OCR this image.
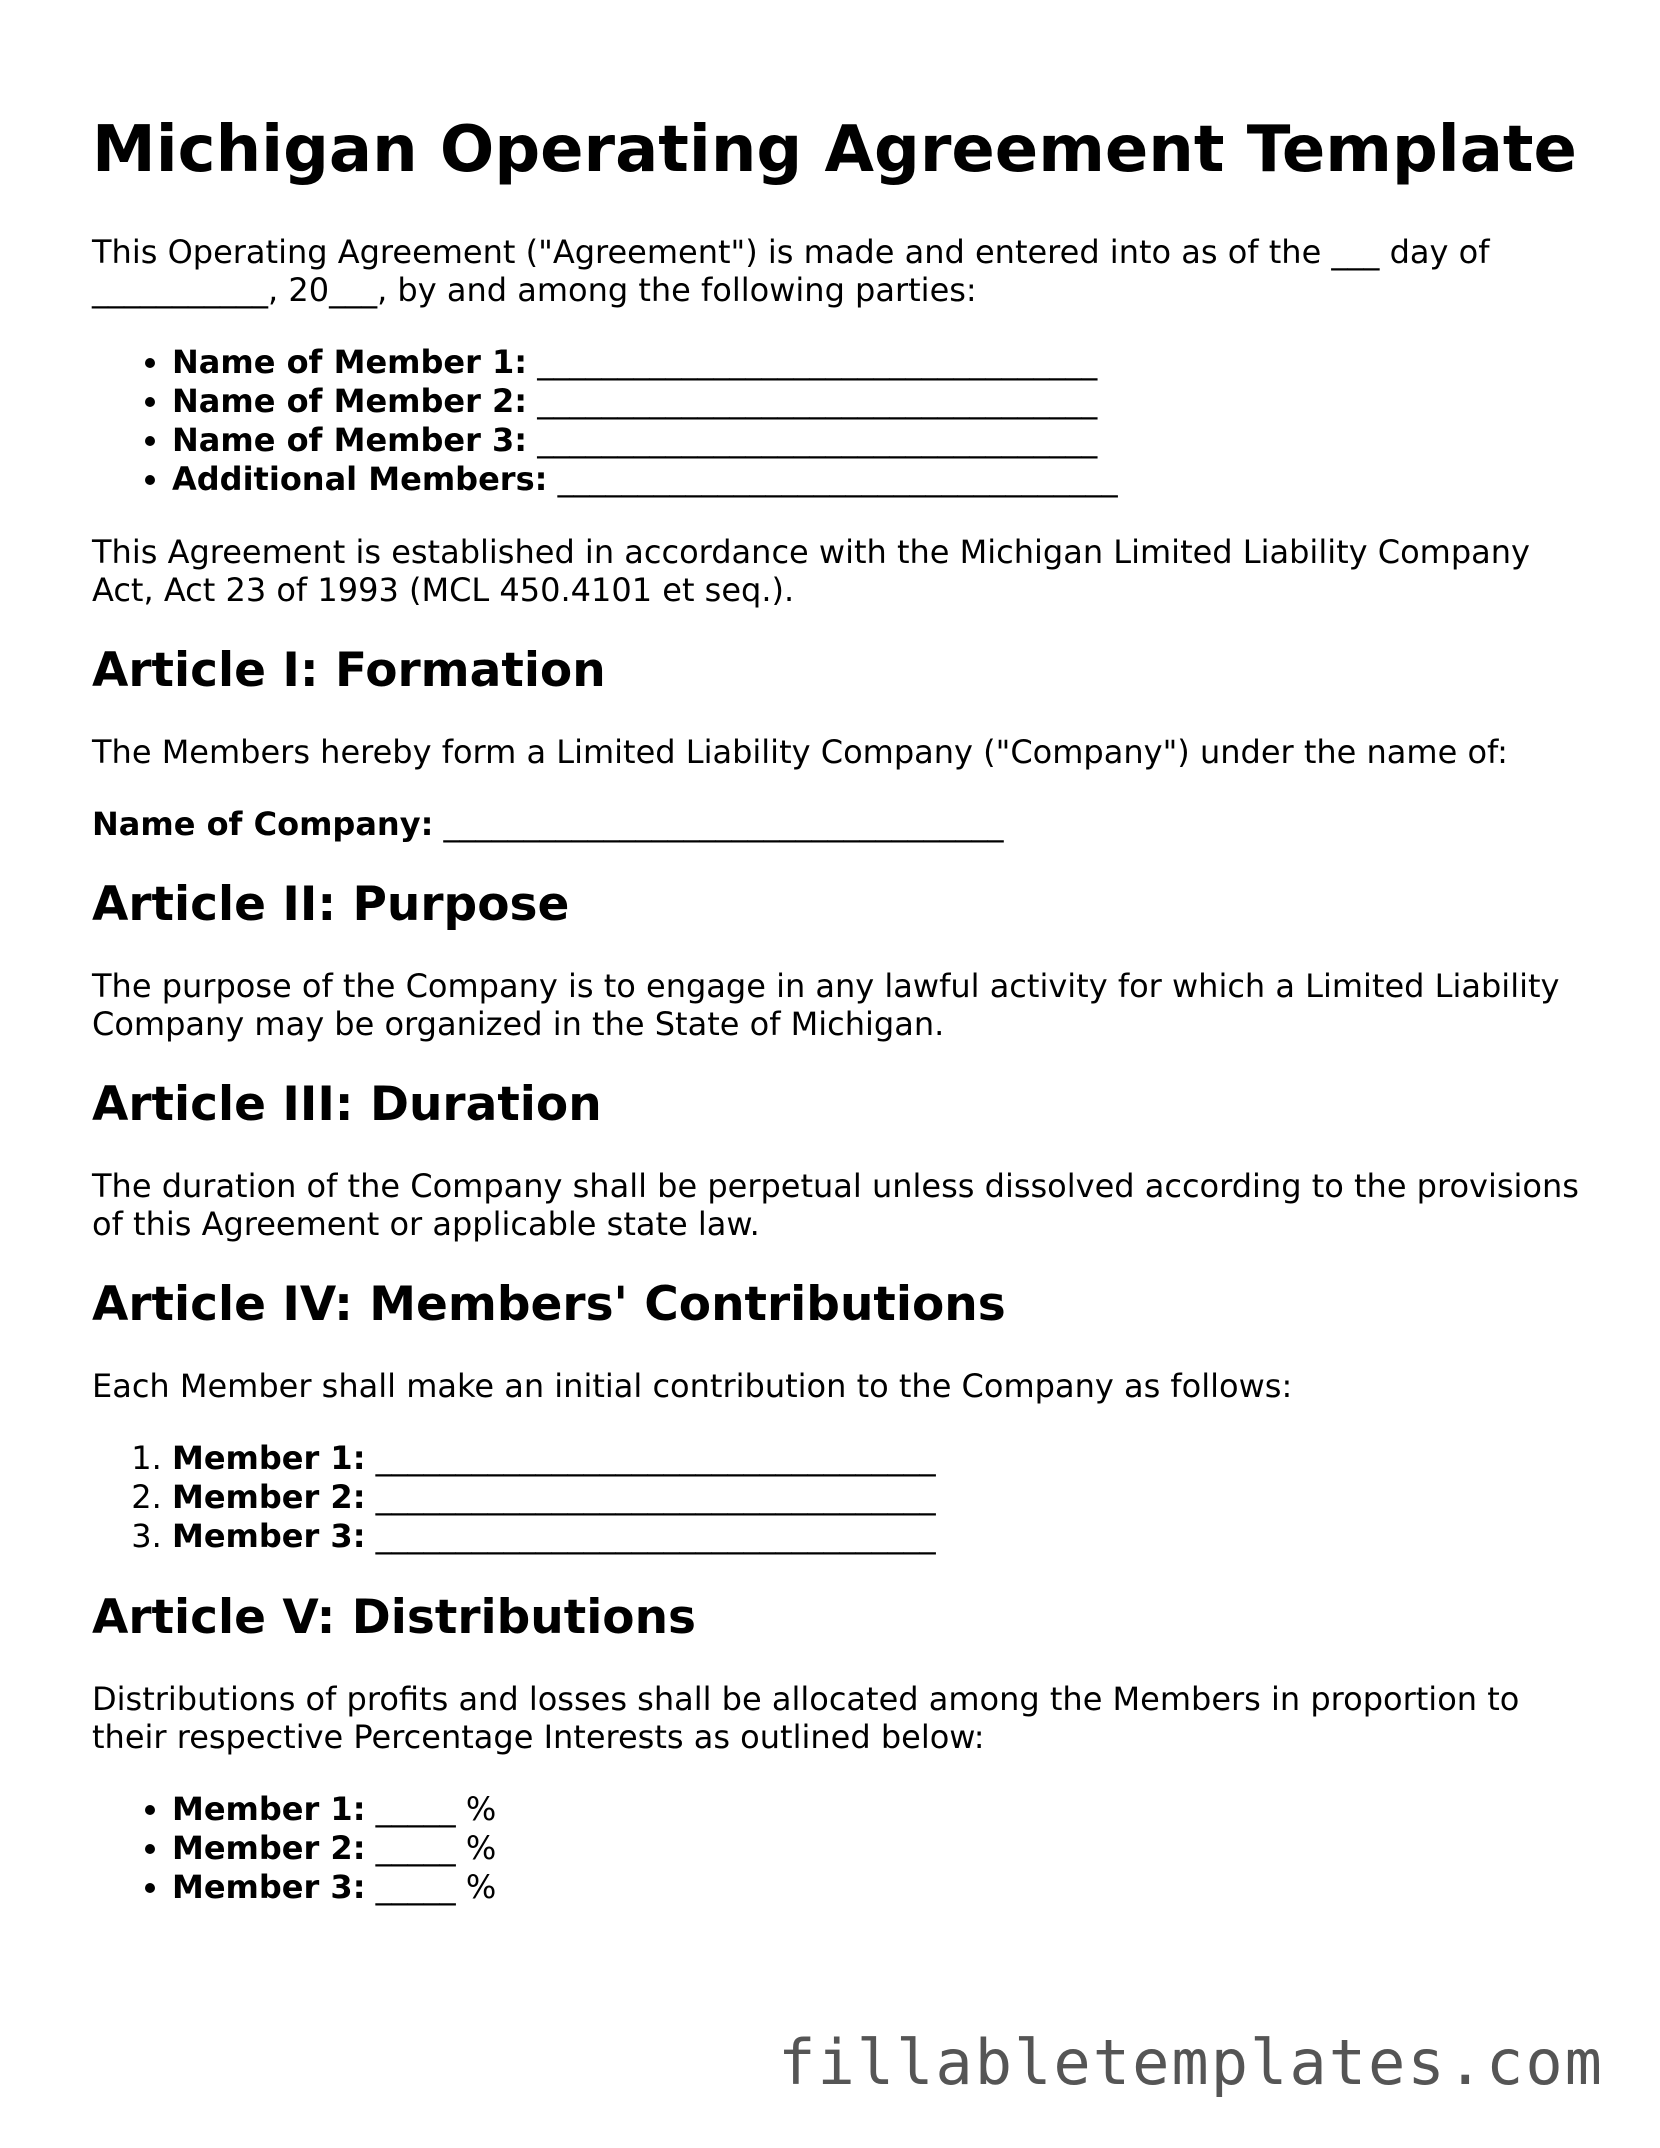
Michigan Operating Agreement Template

This Operating Agreement ("Agreement") is made and entered into as of the ___ day of ___________, 20___, by and among the following parties:

• Name of Member 1: ___________________________________
• Name of Member 2: ___________________________________
• Name of Member 3: ___________________________________
• Additional Members: ___________________________________

This Agreement is established in accordance with the Michigan Limited Liability Company Act, Act 23 of 1993 (MCL 450.4101 et seq.).

Article I: Formation

The Members hereby form a Limited Liability Company ("Company") under the name of:

Name of Company: ___________________________________

Article II: Purpose

The purpose of the Company is to engage in any lawful activity for which a Limited Liability Company may be organized in the State of Michigan.

Article III: Duration

The duration of the Company shall be perpetual unless dissolved according to the provisions of this Agreement or applicable state law.

Article IV: Members' Contributions

Each Member shall make an initial contribution to the Company as follows:

1. Member 1: ___________________________________
2. Member 2: ___________________________________
3. Member 3: ___________________________________
Article V: Distributions

Distributions of profits and losses shall be allocated among the Members in proportion to their respective Percentage Interests as outlined below:

• Member 1: _____ %
• Member 2: _____ %
• Member 3: _____ %
fillabletemplates.com
